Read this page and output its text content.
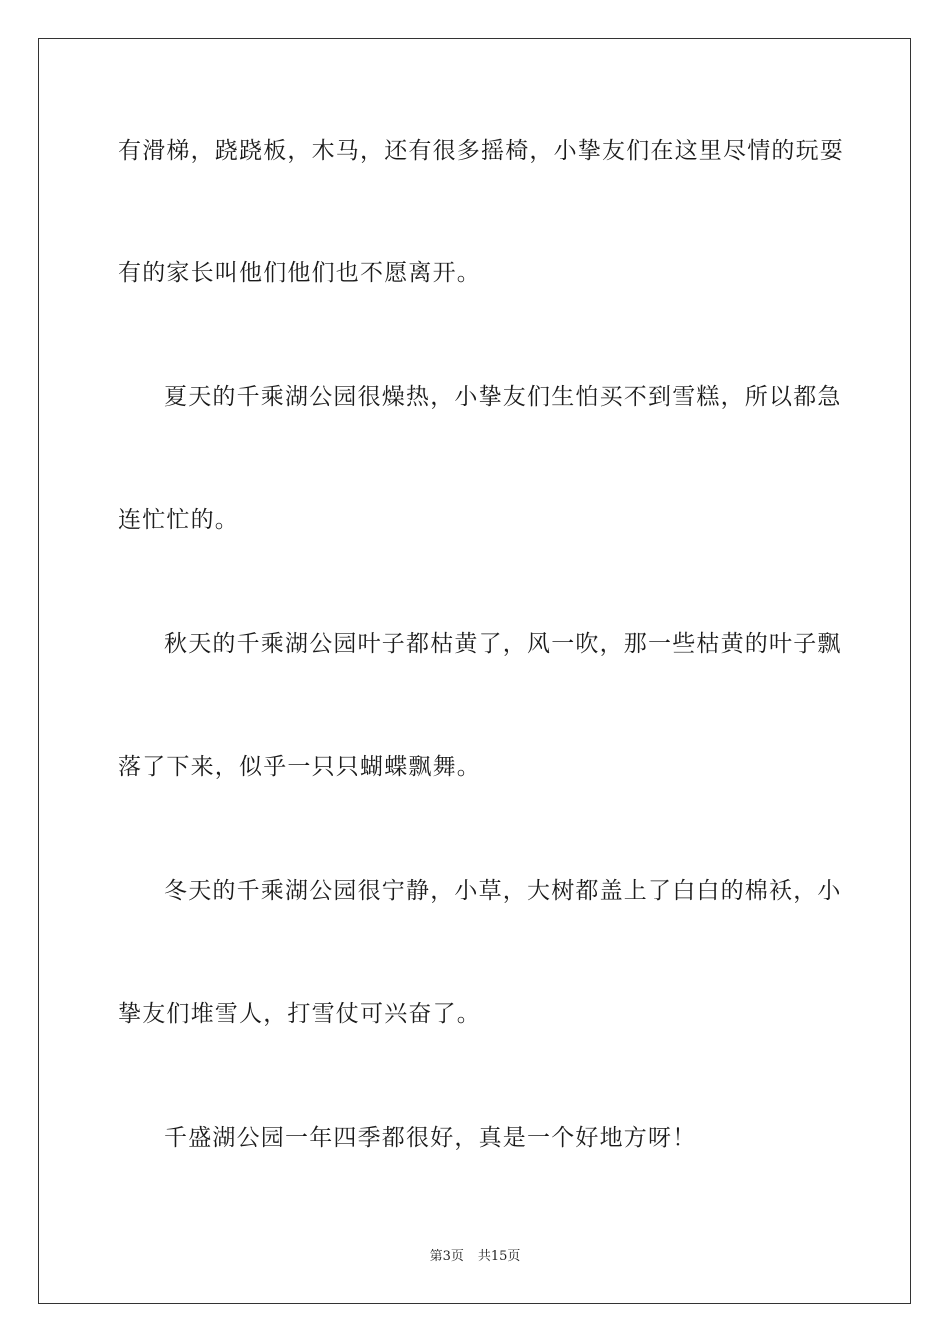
有滑梯，跷跷板，木马，还有很多摇椅，小挚友们在这里尽情的玩耍
有的家长叫他们他们也不愿离开。
夏天的千乘湖公园很燥热，小挚友们生怕买不到雪糕，所以都急
连忙忙的。
秋天的千乘湖公园叶子都枯黄了，风一吹，那一些枯黄的叶子飘
落了下来，似乎一只只蝴蝶飘舞。
冬天的千乘湖公园很宁静，小草，大树都盖上了白白的棉袄，小
挚友们堆雪人，打雪仗可兴奋了。
千盛湖公园一年四季都很好，真是一个好地方呀！
第3页 共15页
